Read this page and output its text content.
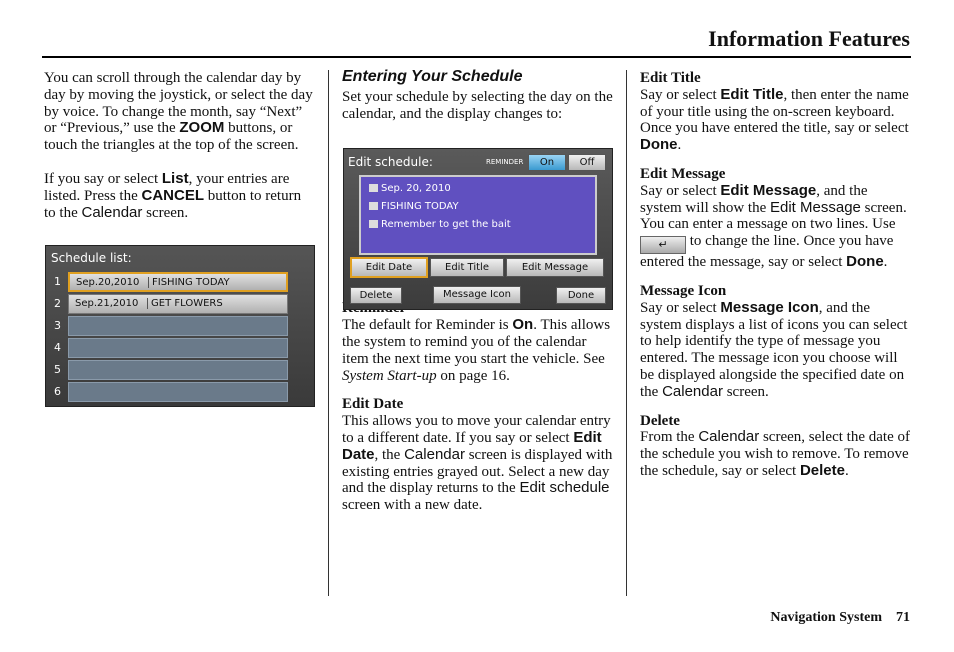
Information Features

You can scroll through the calendar day by day by moving the joystick, or select the day by voice. To change the month, say “Next” or “Previous,” use the ZOOM buttons, or touch the triangles at the top of the screen.

If you say or select List, your entries are listed. Press the CANCEL button to return to the Calendar screen.

Schedule list:
1 Sep.20,2010	FISHING TODAY
2 Sep.21,2010	GET FLOWERS
3
4
5
6
Entering Your Schedule

Set your schedule by selecting the day on the calendar, and the display changes to:

The default for Reminder is On. This allows the system to remind you of the calendar item the next time you start the vehicle. See System Start-up on page 16.

Edit Date

This allows you to move your calendar entry to a different date. If you say or select Edit Date, the Calendar screen is displayed with existing entries grayed out. Select a new day and the display returns to the Edit schedule screen with a new date.

Edit schedule:	REMINDER	On	Off
Sep. 20, 2010
FISHING TODAY
Remember to get the bait
Edit Date	Edit Title	Edit Message
Delete	Message Icon	Done

Edit Title

Say or select Edit Title, then enter the name of your title using the on-screen keyboard. Once you have entered the title, say or select Done.

Edit Message

Say or select Edit Message, and the system will show the Edit Message screen. You can enter a message on two lines. Use ↵ to change the line. Once you have entered the message, say or select Done.

Message Icon

Say or select Message Icon, and the system displays a list of icons you can select to help identify the type of message you entered. The message icon you choose will be displayed alongside the specified date on the Calendar screen.

Delete

From the Calendar screen, select the date of the schedule you wish to remove. To remove the schedule, say or select Delete.

Navigation System 71
